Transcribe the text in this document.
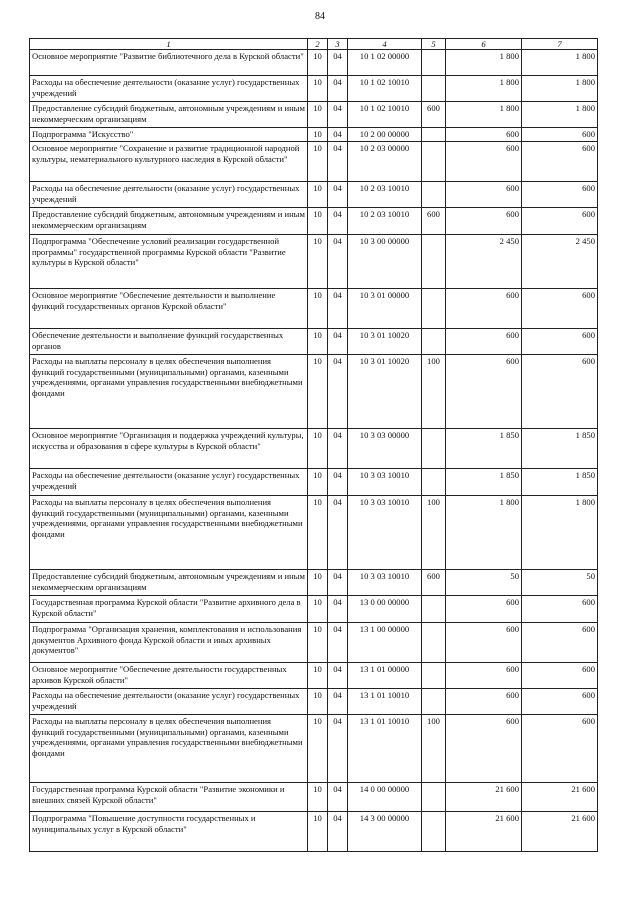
84
1	2	3	4	5	6	7
Основное мероприятие "Развитие библиотечного дела в Курской области"	10	04	10 1 02 00000		1 800	1 800
Расходы на обеспечение деятельности (оказание услуг) государственных учреждений	10	04	10 1 02 10010		1 800	1 800
Предоставление субсидий бюджетным, автономным учреждениям и иным некоммерческим организациям	10	04	10 1 02 10010	600	1 800	1 800
Подпрограмма "Искусство"	10	04	10 2 00 00000		600	600
Основное мероприятие "Сохранение и развитие традиционной народной культуры, нематериального культурного наследия в Курской области"	10	04	10 2 03 00000		600	600
Расходы на обеспечение деятельности (оказание услуг) государственных учреждений	10	04	10 2 03 10010		600	600
Предоставление субсидий бюджетным, автономным учреждениям и иным некоммерческим организациям	10	04	10 2 03 10010	600	600	600
Подпрограмма "Обеспечение условий реализации государственной программы" государственной программы Курской области "Развитие культуры в Курской области"	10	04	10 3 00 00000		2 450	2 450
Основное мероприятие "Обеспечение деятельности и выполнение функций государственных органов Курской области"	10	04	10 3 01 00000		600	600
Обеспечение деятельности и выполнение функций государственных органов	10	04	10 3 01 10020		600	600
Расходы на выплаты персоналу в целях обеспечения выполнения функций государственными (муниципальными) органами, казенными учреждениями, органами управления государственными внебюджетными фондами	10	04	10 3 01 10020	100	600	600
Основное мероприятие "Организация и поддержка учреждений культуры, искусства и образования в сфере культуры в Курской области"	10	04	10 3 03 00000		1 850	1 850
Расходы на обеспечение деятельности (оказание услуг) государственных учреждений	10	04	10 3 03 10010		1 850	1 850
Расходы на выплаты персоналу в целях обеспечения выполнения функций государственными (муниципальными) органами, казенными учреждениями, органами управления государственными внебюджетными фондами	10	04	10 3 03 10010	100	1 800	1 800
Предоставление субсидий бюджетным, автономным учреждениям и иным некоммерческим организациям	10	04	10 3 03 10010	600	50	50
Государственная программа Курской области "Развитие архивного дела в Курской области"	10	04	13 0 00 00000		600	600
Подпрограмма "Организация хранения, комплектования и использования документов Архивного фонда Курской области и иных архивных документов"	10	04	13 1 00 00000		600	600
Основное мероприятие "Обеспечение деятельности государственных архивов Курской области"	10	04	13 1 01 00000		600	600
Расходы на обеспечение деятельности (оказание услуг) государственных учреждений	10	04	13 1 01 10010		600	600
Расходы на выплаты персоналу в целях обеспечения выполнения функций государственными (муниципальными) органами, казенными учреждениями, органами управления государственными внебюджетными фондами	10	04	13 1 01 10010	100	600	600
Государственная программа Курской области "Развитие экономики и внешних связей Курской области"	10	04	14 0 00 00000		21 600	21 600
Подпрограмма "Повышение доступности государственных и муниципальных услуг в Курской области"	10	04	14 3 00 00000		21 600	21 600
